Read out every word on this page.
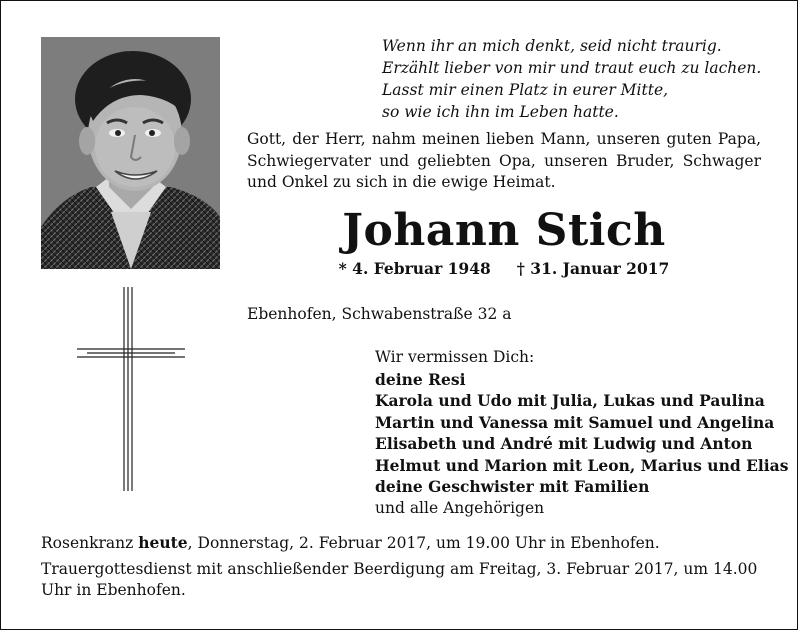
Wenn ihr an mich denkt, seid nicht traurig.
Erzählt lieber von mir und traut euch zu lachen.
Lasst mir einen Platz in eurer Mitte,
so wie ich ihn im Leben hatte.
Gott, der Herr, nahm meinen lieben Mann, unseren guten Papa, Schwiegervater und geliebten Opa, unseren Bruder, Schwager und Onkel zu sich in die ewige Heimat.
Johann Stich
* 4. Februar 1948 † 31. Januar 2017
Ebenhofen, Schwabenstraße 32 a
Wir vermissen Dich:
deine Resi
Karola und Udo mit Julia, Lukas und Paulina
Martin und Vanessa mit Samuel und Angelina
Elisabeth und André mit Ludwig und Anton
Helmut und Marion mit Leon, Marius und Elias
deine Geschwister mit Familien
und alle Angehörigen

Rosenkranz heute, Donnerstag, 2. Februar 2017, um 19.00 Uhr in Ebenhofen.

Trauergottesdienst mit anschließender Beerdigung am Freitag, 3. Februar 2017, um 14.00 Uhr in Ebenhofen.
